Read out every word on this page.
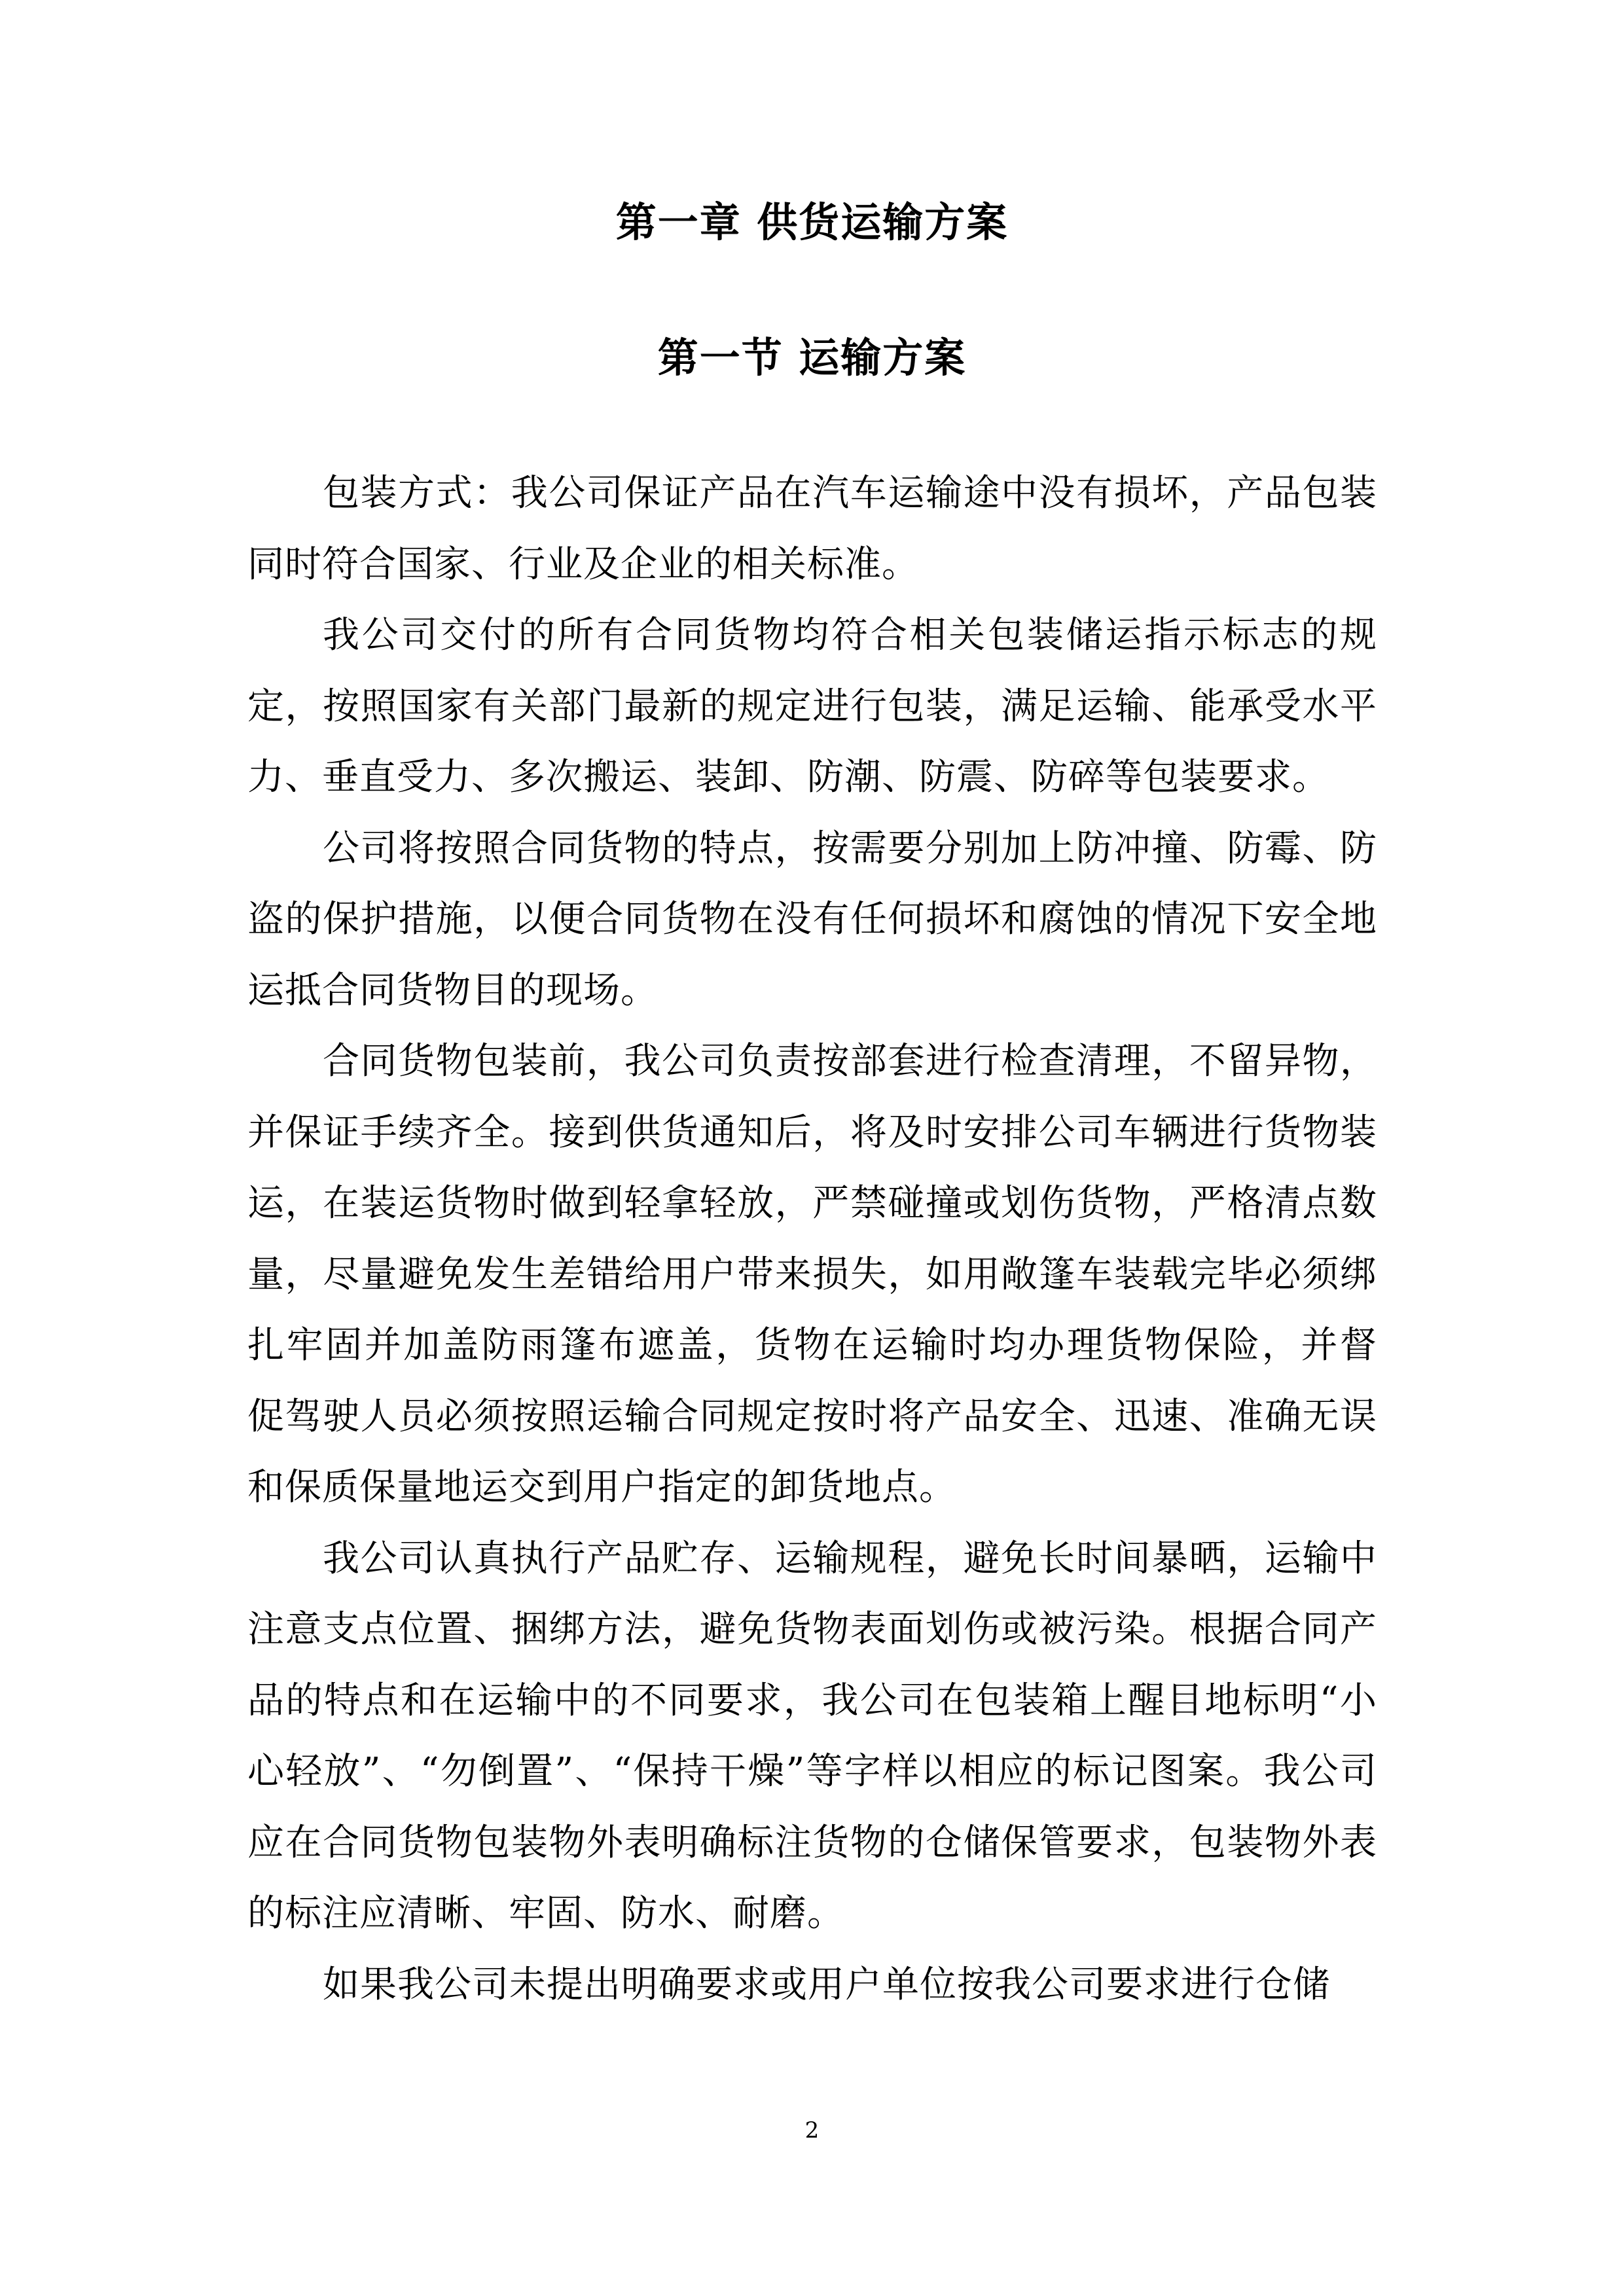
第一章 供货运输方案
第一节 运输方案

包装方式：我公司保证产品在汽车运输途中没有损坏，产品包装同时符合国家、行业及企业的相关标准。

我公司交付的所有合同货物均符合相关包装储运指示标志的规定，按照国家有关部门最新的规定进行包装，满足运输、能承受水平力、垂直受力、多次搬运、装卸、防潮、防震、防碎等包装要求。

公司将按照合同货物的特点，按需要分别加上防冲撞、防霉、防盗的保护措施，以便合同货物在没有任何损坏和腐蚀的情况下安全地运抵合同货物目的现场。

合同货物包装前，我公司负责按部套进行检查清理，不留异物，并保证手续齐全。接到供货通知后，将及时安排公司车辆进行货物装运，在装运货物时做到轻拿轻放，严禁碰撞或划伤货物，严格清点数量，尽量避免发生差错给用户带来损失，如用敞篷车装载完毕必须绑扎牢固并加盖防雨篷布遮盖，货物在运输时均办理货物保险，并督 促驾驶人员必须按照运输合同规定按时将产品安全、迅速、准确无误和保质保量地运交到用户指定的卸货地点。

我公司认真执行产品贮存、运输规程，避免长时间暴晒，运输中注意支点位置、捆绑方法，避免货物表面划伤或被污染。根据合同产品的特点和在运输中的不同要求，我公司在包装箱上醒目地标明“小心轻放”、“勿倒置”、“保持干燥”等字样以相应的标记图案。我公司应在合同货物包装物外表明确标注货物的仓储保管要求，包装物外表的标注应清晰、牢固、防水、耐磨。

如果我公司未提出明确要求或用户单位按我公司要求进行仓储

2
